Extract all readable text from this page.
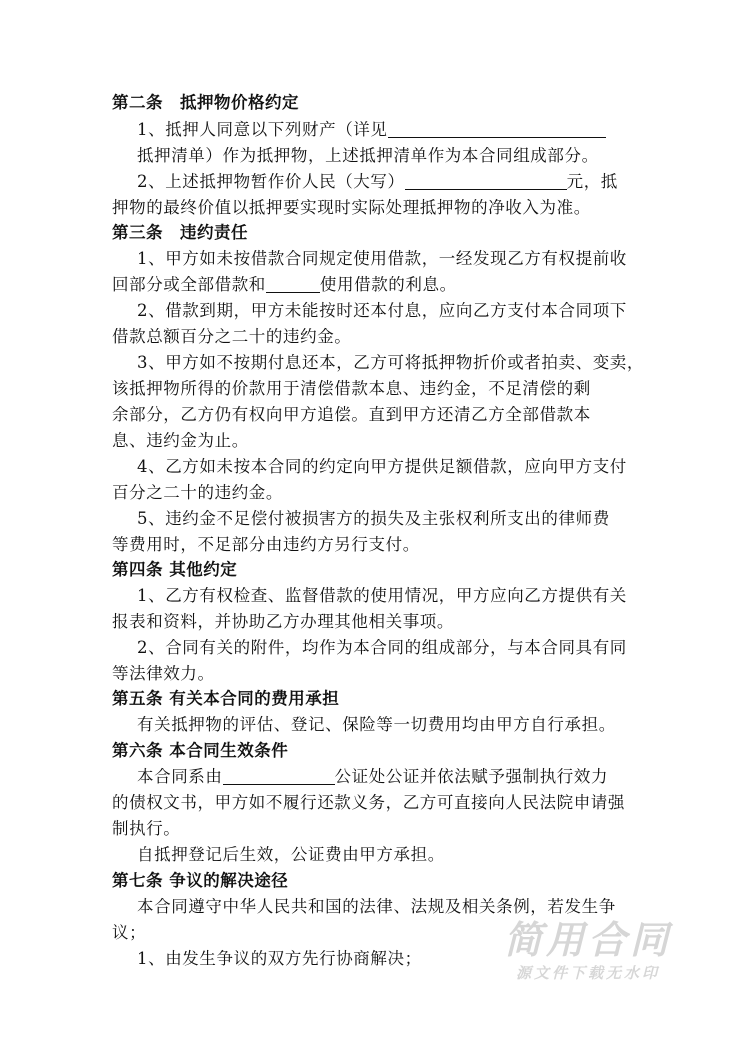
第二条　抵押物价格约定
1、抵押人同意以下列财产（详见
抵押清单）作为抵押物，上述抵押清单作为本合同组成部分。
2、上述抵押物暂作价人民（大写）	元，抵
押物的最终价值以抵押要实现时实际处理抵押物的净收入为准。
第三条　违约责任
1、甲方如未按借款合同规定使用借款，一经发现乙方有权提前收
回部分或全部借款和	使用借款的利息。
2、借款到期，甲方未能按时还本付息，应向乙方支付本合同项下
借款总额百分之二十的违约金。
3、甲方如不按期付息还本，乙方可将抵押物折价或者拍卖、变卖，
该抵押物所得的价款用于清偿借款本息、违约金，不足清偿的剩
余部分，乙方仍有权向甲方追偿。直到甲方还清乙方全部借款本
息、违约金为止。
4、乙方如未按本合同的约定向甲方提供足额借款，应向甲方支付
百分之二十的违约金。
5、违约金不足偿付被损害方的损失及主张权利所支出的律师费
等费用时，不足部分由违约方另行支付。
第四条 其他约定
1、乙方有权检查、监督借款的使用情况，甲方应向乙方提供有关
报表和资料，并协助乙方办理其他相关事项。
2、合同有关的附件，均作为本合同的组成部分，与本合同具有同
等法律效力。
第五条 有关本合同的费用承担
有关抵押物的评估、登记、保险等一切费用均由甲方自行承担。
第六条 本合同生效条件
本合同系由	公证处公证并依法赋予强制执行效力
的债权文书，甲方如不履行还款义务，乙方可直接向人民法院申请强
制执行。
自抵押登记后生效，公证费由甲方承担。
第七条 争议的解决途径
本合同遵守中华人民共和国的法律、法规及相关条例，若发生争
议；
1、由发生争议的双方先行协商解决；	简用合同
源文件下载无水印
